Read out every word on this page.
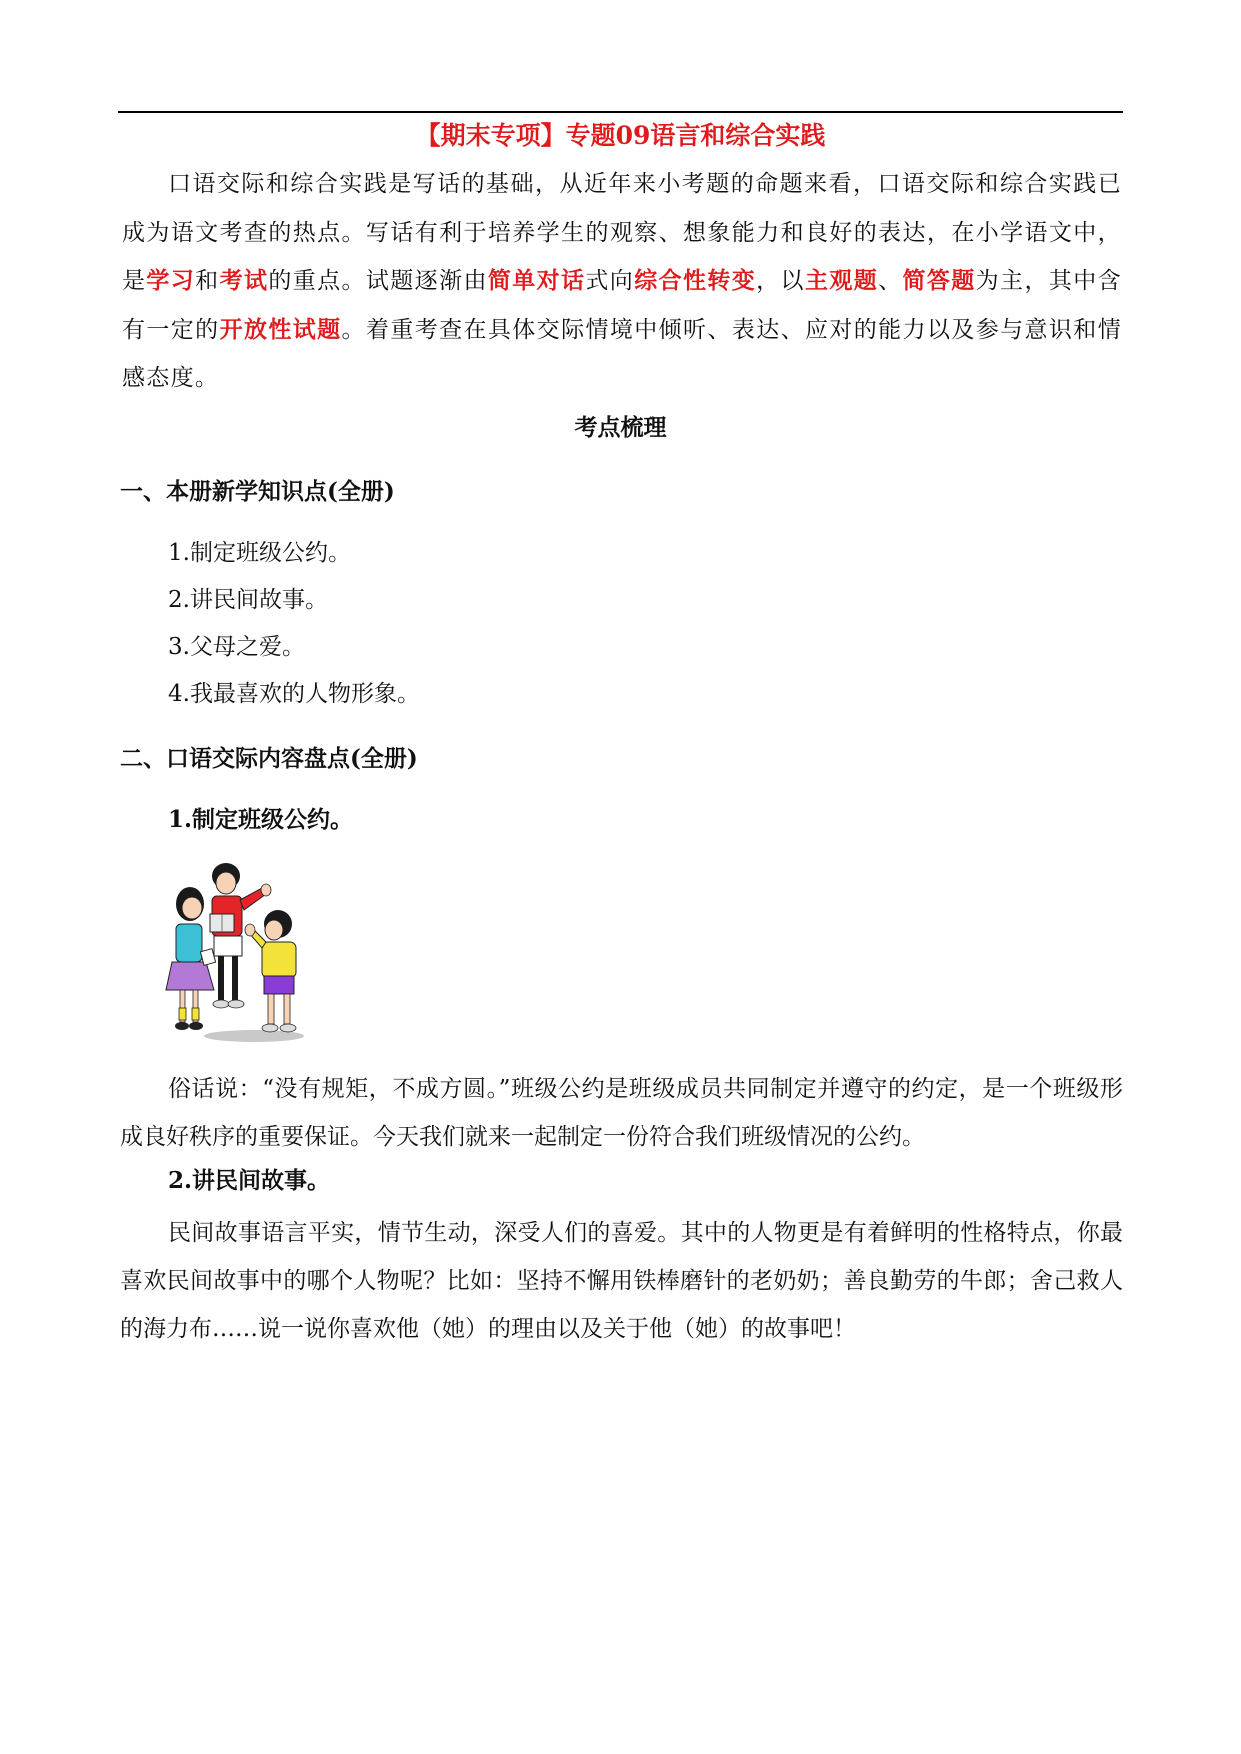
【期末专项】专题09语言和综合实践
口语交际和综合实践是写话的基础，从近年来小考题的命题来看，口语交际和综合实践已成为语文考查的热点。写话有利于培养学生的观察、想象能力和良好的表达，在小学语文中，是学习和考试的重点。试题逐渐由简单对话式向综合性转变，以主观题、简答题为主，其中含有一定的开放性试题。着重考查在具体交际情境中倾听、表达、应对的能力以及参与意识和情感态度。
考点梳理
一、本册新学知识点(全册)
1.制定班级公约。
2.讲民间故事。
3.父母之爱。
4.我最喜欢的人物形象。
二、口语交际内容盘点(全册)
1.制定班级公约。
俗话说：“没有规矩，不成方圆。”班级公约是班级成员共同制定并遵守的约定，是一个班级形成良好秩序的重要保证。今天我们就来一起制定一份符合我们班级情况的公约。
2.讲民间故事。
民间故事语言平实，情节生动，深受人们的喜爱。其中的人物更是有着鲜明的性格特点，你最喜欢民间故事中的哪个人物呢？比如：坚持不懈用铁棒磨针的老奶奶；善良勤劳的牛郎；舍己救人的海力布……说一说你喜欢他（她）的理由以及关于他（她）的故事吧！
